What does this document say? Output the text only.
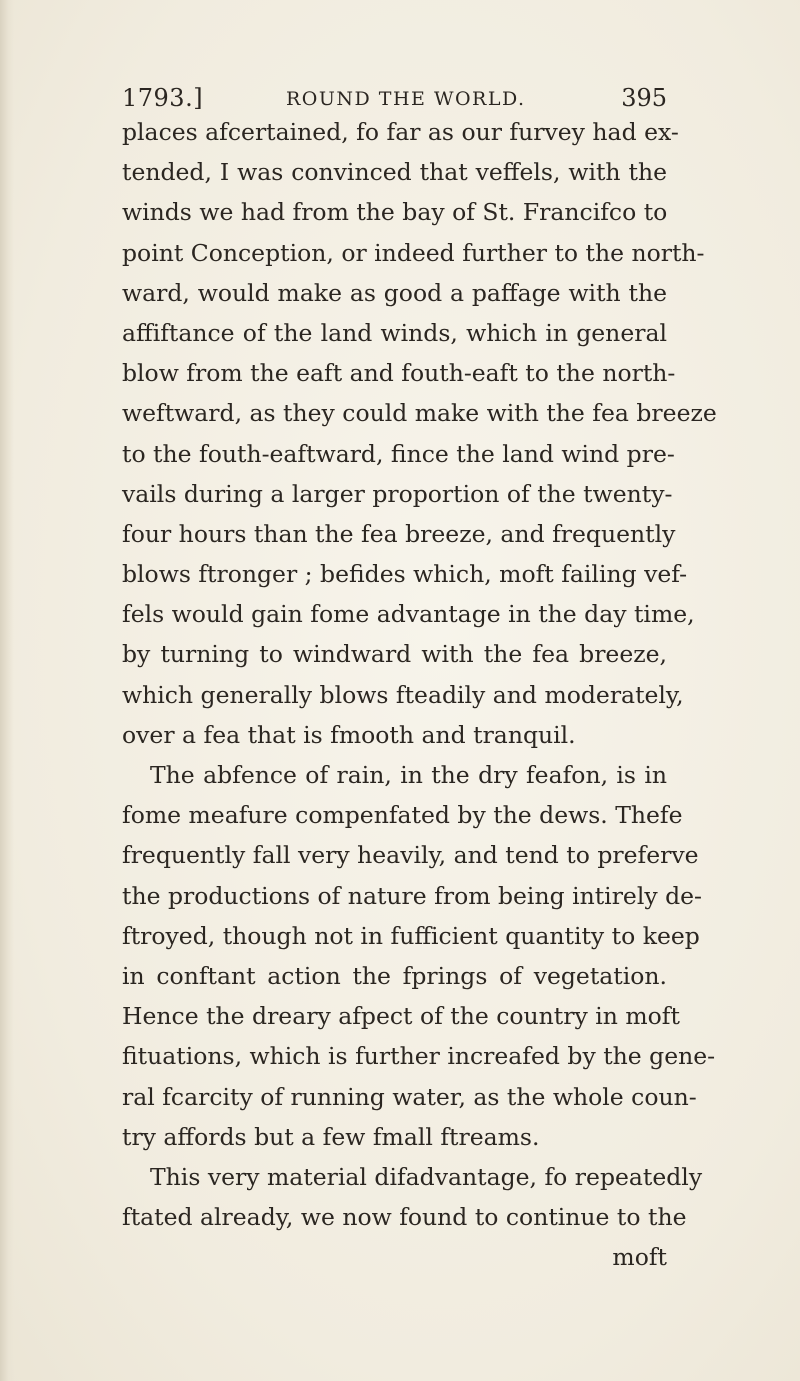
1793.]	ROUND THE WORLD.	395
places afcertained, fo far as our furvey had ex-
tended, I was convinced that veffels, with the
winds we had from the bay of St. Francifco to
point Conception, or indeed further to the north-
ward, would make as good a paffage with the
affiftance of the land winds, which in general
blow from the eaft and fouth-eaft to the north-
weftward, as they could make with the fea breeze
to the fouth-eaftward, fince the land wind pre-
vails during a larger proportion of the twenty-
four hours than the fea breeze, and frequently
blows ftronger ; befides which, moft failing vef-
fels would gain fome advantage in the day time,
by turning to windward with the fea breeze,
which generally blows fteadily and moderately,
over a fea that is fmooth and tranquil.
The abfence of rain, in the dry feafon, is in
fome meafure compenfated by the dews. Thefe
frequently fall very heavily, and tend to preferve
the productions of nature from being intirely de-
ftroyed, though not in fufficient quantity to keep
in conftant action the fprings of vegetation.
Hence the dreary afpect of the country in moft
fituations, which is further increafed by the gene-
ral fcarcity of running water, as the whole coun-
try affords but a few fmall ftreams.
This very material difadvantage, fo repeatedly
ftated already, we now found to continue to the
moft
